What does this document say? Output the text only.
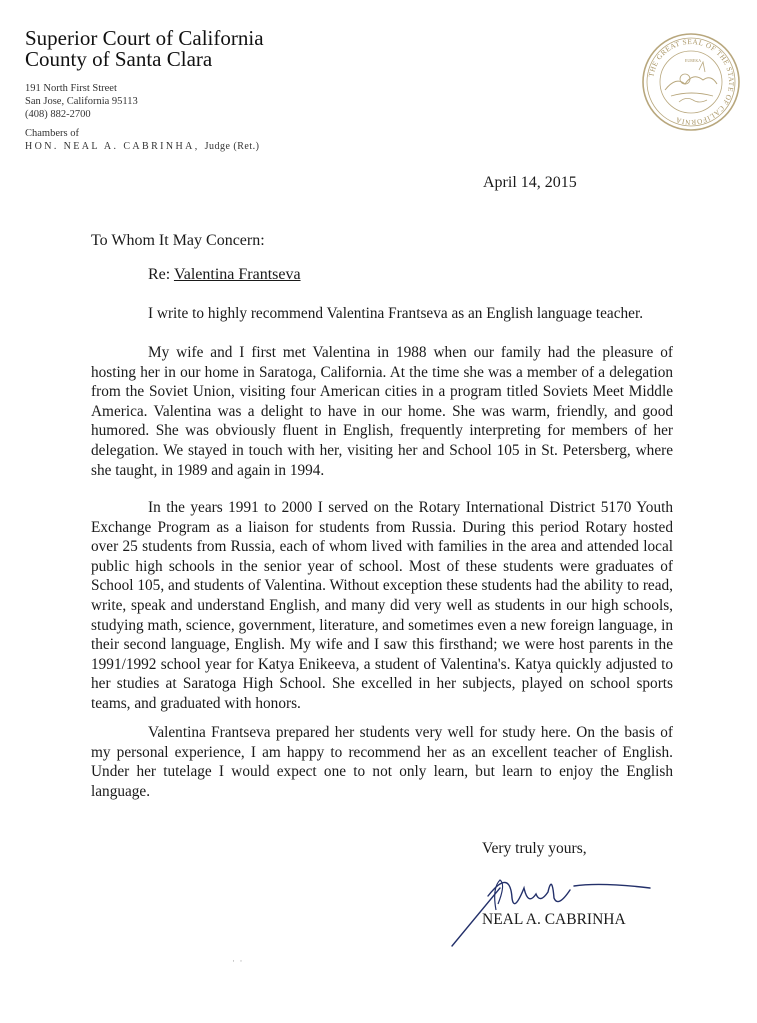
Superior Court of California
County of Santa Clara
191 North First Street
San Jose, California 95113
(408) 882-2700
Chambers of
HON. NEAL A. CABRINHA, Judge (Ret.)
THE GREAT SEAL OF THE STATE OF CALIFORNIA
EUREKA
April 14, 2015
To Whom It May Concern:
Re: Valentina Frantseva
I write to highly recommend Valentina Frantseva as an English language teacher.
My wife and I first met Valentina in 1988 when our family had the pleasure of hosting her in our home in Saratoga, California. At the time she was a member of a delegation from the Soviet Union, visiting four American cities in a program titled Soviets Meet Middle America. Valentina was a delight to have in our home. She was warm, friendly, and good humored. She was obviously fluent in English, frequently interpreting for members of her delegation. We stayed in touch with her, visiting her and School 105 in St. Petersberg, where she taught, in 1989 and again in 1994.
In the years 1991 to 2000 I served on the Rotary International District 5170 Youth Exchange Program as a liaison for students from Russia. During this period Rotary hosted over 25 students from Russia, each of whom lived with families in the area and attended local public high schools in the senior year of school. Most of these students were graduates of School 105, and students of Valentina. Without exception these students had the ability to read, write, speak and understand English, and many did very well as students in our high schools, studying math, science, government, literature, and sometimes even a new foreign language, in their second language, English. My wife and I saw this firsthand; we were host parents in the 1991/1992 school year for Katya Enikeeva, a student of Valentina's. Katya quickly adjusted to her studies at Saratoga High School. She excelled in her subjects, played on school sports teams, and graduated with honors.
Valentina Frantseva prepared her students very well for study here. On the basis of my personal experience, I am happy to recommend her as an excellent teacher of English. Under her tutelage I would expect one to not only learn, but learn to enjoy the English language.
Very truly yours,
NEAL A. CABRINHA
·  ·
